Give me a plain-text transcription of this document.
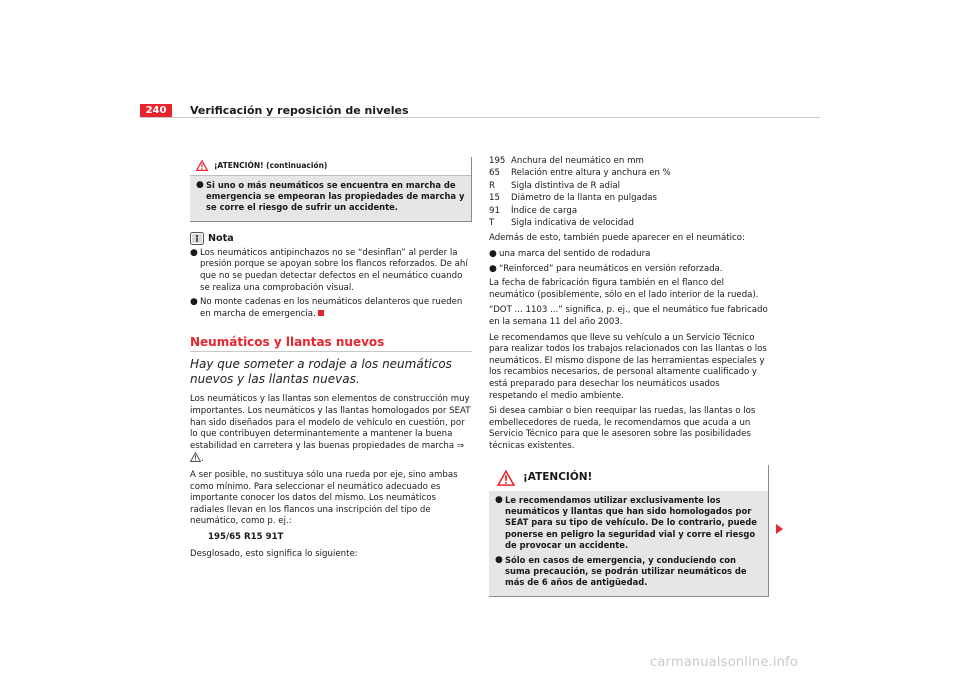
240	Verificación y reposición de niveles
¡ATENCIÓN! (continuación)
● Si uno o más neumáticos se encuentra en marcha de emergencia se empeoran las propiedades de marcha y se corre el riesgo de sufrir un accidente.
Nota
● Los neumáticos antipinchazos no se “desinflan” al perder la presión porque se apoyan sobre los flancos reforzados. De ahí que no se puedan detectar defectos en el neumático cuando se realiza una comprobación visual.
● No monte cadenas en los neumáticos delanteros que rueden en marcha de emergencia.
Neumáticos y llantas nuevos
Hay que someter a rodaje a los neumáticos nuevos y las llantas nuevas.

Los neumáticos y las llantas son elementos de construcción muy importantes. Los neumáticos y las llantas homologados por SEAT han sido diseñados para el modelo de vehículo en cuestión, por lo que contribuyen determinantemente a mantener la buena estabilidad en carretera y las buenas propiedades de marcha ⇒ .

A ser posible, no sustituya sólo una rueda por eje, sino ambas como mínimo. Para seleccionar el neumático adecuado es importante conocer los datos del mismo. Los neumáticos radiales llevan en los flancos una inscripción del tipo de neumático, como p. ej.:

195/65 R15 91T

Desglosado, esto significa lo siguiente:

195 Anchura del neumático en mm
65	Relación entre altura y anchura en %
R	Sigla distintiva de R adial
15	Diámetro de la llanta en pulgadas
91	Índice de carga
T	Sigla indicativa de velocidad

Además de esto, también puede aparecer en el neumático:

● una marca del sentido de rodadura
● “Reinforced” para neumáticos en versión reforzada.

La fecha de fabricación figura también en el flanco del neumático (posiblemente, sólo en el lado interior de la rueda).

“DOT ... 1103 ...” significa, p. ej., que el neumático fue fabricado en la semana 11 del año 2003.

Le recomendamos que lleve su vehículo a un Servicio Técnico para realizar todos los trabajos relacionados con las llantas o los neumáticos. El mismo dispone de las herramientas especiales y los recambios necesarios, de personal altamente cualificado y está preparado para desechar los neumáticos usados respetando el medio ambiente.

Si desea cambiar o bien reequipar las ruedas, las llantas o los embellecedores de rueda, le recomendamos que acuda a un Servicio Técnico para que le asesoren sobre las posibilidades técnicas existentes.

¡ATENCIÓN!
● Le recomendamos utilizar exclusivamente los neumáticos y llantas que han sido homologados por SEAT para su tipo de vehículo. De lo contrario, puede ponerse en peligro la seguridad vial y corre el riesgo de provocar un accidente.
● Sólo en casos de emergencia, y conduciendo con suma precaución, se podrán utilizar neumáticos de más de 6 años de antigüedad.
carmanualsonline.info
